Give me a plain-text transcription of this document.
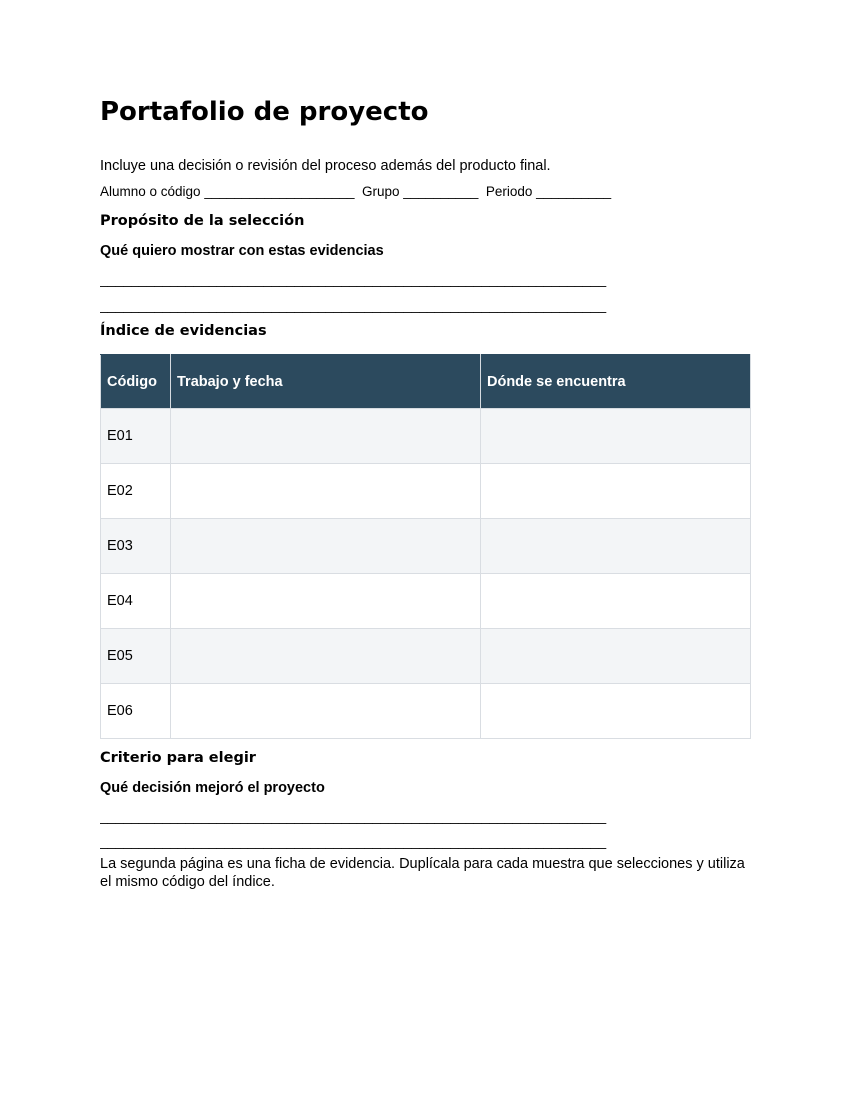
Portafolio de proyecto
Incluye una decisión o revisión del proceso además del producto final.
Alumno o código ____________________  Grupo __________  Periodo __________
Propósito de la selección
Qué quiero mostrar con estas evidencias
_________________________________________________________________
_________________________________________________________________
Índice de evidencias
Código	Trabajo y fecha	Dónde se encuentra
E01		
E02		
E03		
E04		
E05		
E06		
Criterio para elegir
Qué decisión mejoró el proyecto
_________________________________________________________________
_________________________________________________________________
La segunda página es una ficha de evidencia. Duplícala para cada muestra que selecciones y utiliza el mismo código del índice.
